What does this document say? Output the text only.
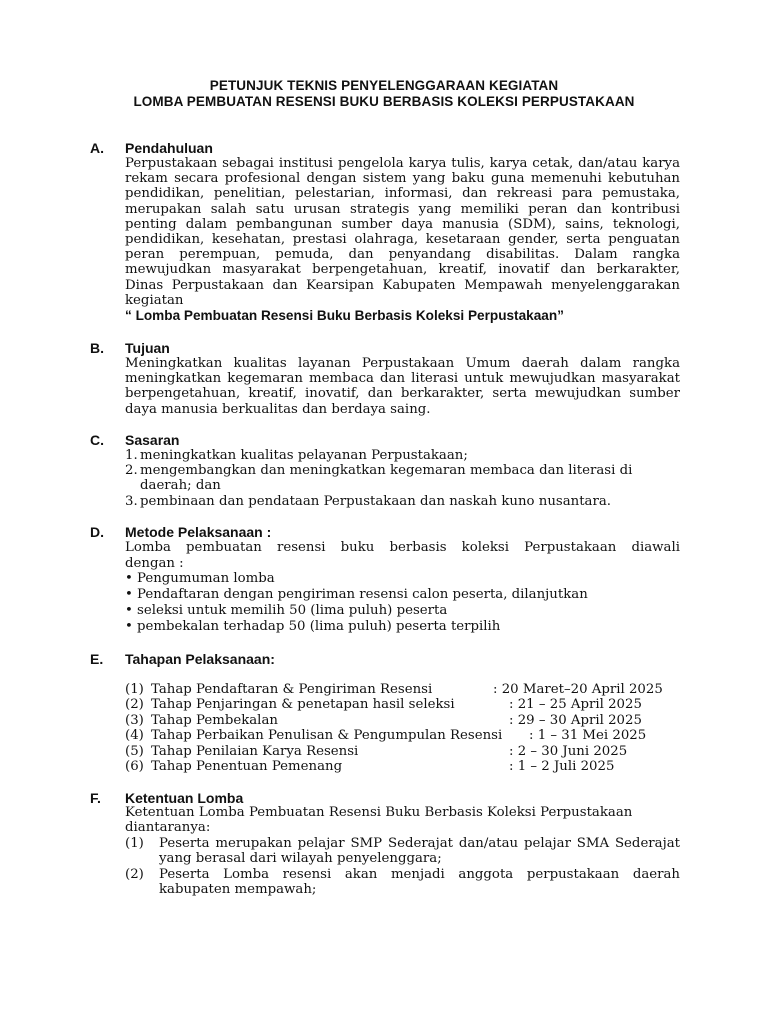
PETUNJUK TEKNIS PENYELENGGARAAN KEGIATAN
LOMBA PEMBUATAN RESENSI BUKU BERBASIS KOLEKSI PERPUSTAKAAN
A. Pendahuluan
Perpustakaan sebagai institusi pengelola karya tulis, karya cetak, dan/atau karya rekam secara profesional dengan sistem yang baku guna memenuhi kebutuhan pendidikan, penelitian, pelestarian, informasi, dan rekreasi para pemustaka, merupakan salah satu urusan strategis yang memiliki peran dan kontribusi penting dalam pembangunan sumber daya manusia (SDM), sains, teknologi, pendidikan, kesehatan, prestasi olahraga, kesetaraan gender, serta penguatan peran perempuan, pemuda, dan penyandang disabilitas. Dalam rangka mewujudkan masyarakat berpengetahuan, kreatif, inovatif dan berkarakter, Dinas Perpustakaan dan Kearsipan Kabupaten Mempawah menyelenggarakan kegiatan
“ Lomba Pembuatan Resensi Buku Berbasis Koleksi Perpustakaan”
B. Tujuan
Meningkatkan kualitas layanan Perpustakaan Umum daerah dalam rangka meningkatkan kegemaran membaca dan literasi untuk mewujudkan masyarakat berpengetahuan, kreatif, inovatif, dan berkarakter, serta mewujudkan sumber daya manusia berkualitas dan berdaya saing.
C. Sasaran
1. meningkatkan kualitas pelayanan Perpustakaan;
2. mengembangkan dan meningkatkan kegemaran membaca dan literasi di daerah; dan
3. pembinaan dan pendataan Perpustakaan dan naskah kuno nusantara.
D. Metode Pelaksanaan :
Lomba pembuatan resensi buku berbasis koleksi Perpustakaan diawali
dengan :
• Pengumuman lomba
• Pendaftaran dengan pengiriman resensi calon peserta, dilanjutkan
• seleksi untuk memilih 50 (lima puluh) peserta
• pembekalan terhadap 50 (lima puluh) peserta terpilih
E. Tahapan Pelaksanaan:
(1) Tahap Pendaftaran & Pengiriman Resensi	: 20 Maret–20 April 2025
(2) Tahap Penjaringan & penetapan hasil seleksi	: 21 – 25 April 2025
(3) Tahap Pembekalan	: 29 – 30 April 2025
(4) Tahap Perbaikan Penulisan & Pengumpulan Resensi : 1 – 31 Mei 2025
(5) Tahap Penilaian Karya Resensi	: 2 – 30 Juni 2025
(6) Tahap Penentuan Pemenang	: 1 – 2 Juli 2025
F. Ketentuan Lomba
Ketentuan Lomba Pembuatan Resensi Buku Berbasis Koleksi Perpustakaan
diantaranya:
(1) Peserta merupakan pelajar SMP Sederajat dan/atau pelajar SMA Sederajat yang berasal dari wilayah penyelenggara;
(2) Peserta Lomba resensi akan menjadi anggota perpustakaan daerah kabupaten mempawah;
